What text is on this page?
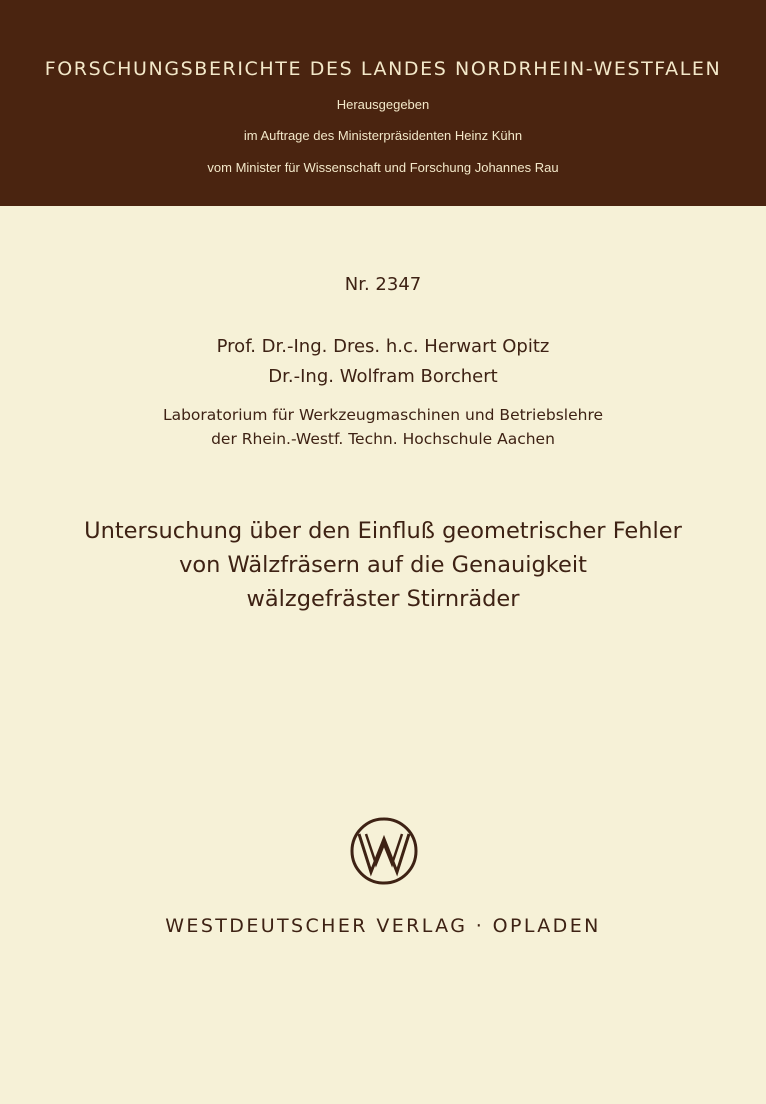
FORSCHUNGSBERICHTE DES LANDES NORDRHEIN-WESTFALEN
Herausgegeben
im Auftrage des Ministerpräsidenten Heinz Kühn
vom Minister für Wissenschaft und Forschung Johannes Rau
Nr. 2347
Prof. Dr.-Ing. Dres. h.c. Herwart Opitz
Dr.-Ing. Wolfram Borchert
Laboratorium für Werkzeugmaschinen und Betriebslehre
der Rhein.-Westf. Techn. Hochschule Aachen
Untersuchung über den Einfluß geometrischer Fehler
von Wälzfräsern auf die Genauigkeit
wälzgefräster Stirnräder
WESTDEUTSCHER VERLAG · OPLADEN
